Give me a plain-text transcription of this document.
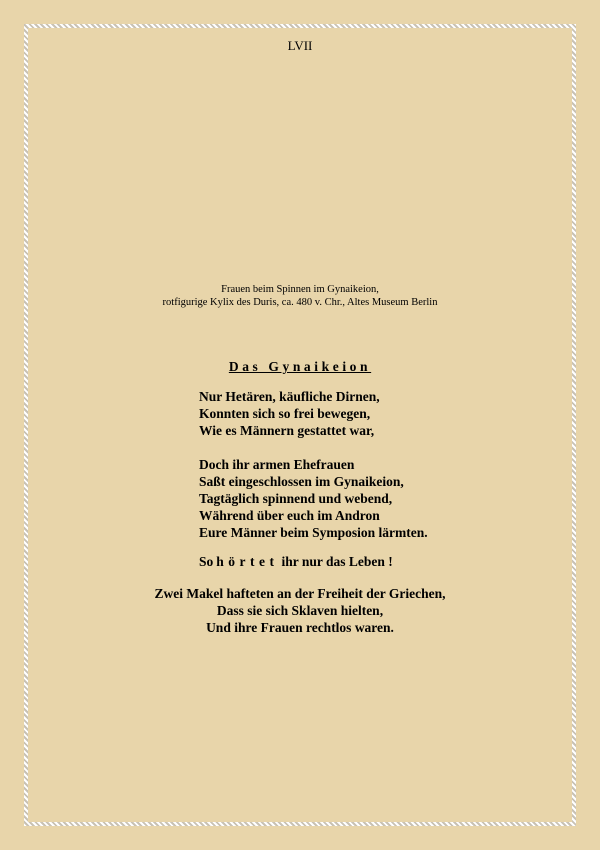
LVII
Frauen beim Spinnen im Gynaikeion,
rotfigurige Kylix des Duris, ca. 480 v. Chr., Altes Museum Berlin
Das Gynaikeion
Nur Hetären, käufliche Dirnen,
Konnten sich so frei bewegen,
Wie es Männern gestattet war,
Doch ihr armen Ehefrauen
Saßt eingeschlossen im Gynaikeion,
Tagtäglich spinnend und webend,
Während über euch im Andron
Eure Männer beim Symposion lärmten.
So hörtet ihr nur das Leben !
Zwei Makel hafteten an der Freiheit der Griechen,
Dass sie sich Sklaven hielten,
Und ihre Frauen rechtlos waren.
